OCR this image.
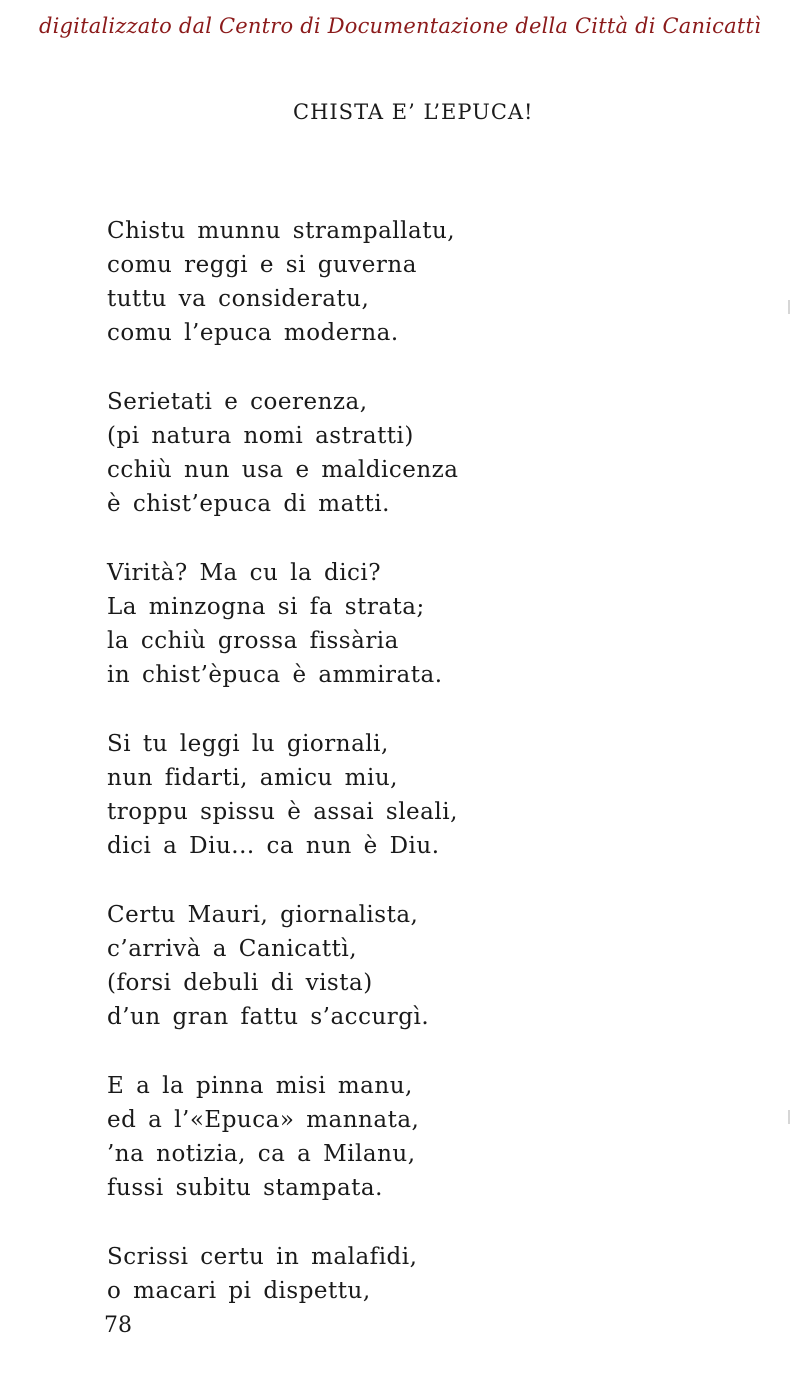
digitalizzato dal Centro di Documentazione della Città di Canicattì
CHISTA E’ L’EPUCA!
Chistu munnu strampallatu,
comu reggi e si guverna
tuttu va consideratu,
comu l’epuca moderna.
Serietati e coerenza,
(pi natura nomi astratti)
cchiù nun usa e maldicenza
è chist’epuca di matti.
Virità? Ma cu la dici?
La minzogna si fa strata;
la cchiù grossa fissària
in chist’èpuca è ammirata.
Si tu leggi lu giornali,
nun fidarti, amicu miu,
troppu spissu è assai sleali,
dici a Diu... ca nun è Diu.
Certu Mauri, giornalista,
c’arrivà a Canicattì,
(forsi debuli di vista)
d’un gran fattu s’accurgì.
E a la pinna misi manu,
ed a l’«Epuca» mannata,
’na notizia, ca a Milanu,
fussi subitu stampata.
Scrissi certu in malafidi,
o macari pi dispettu,
78
